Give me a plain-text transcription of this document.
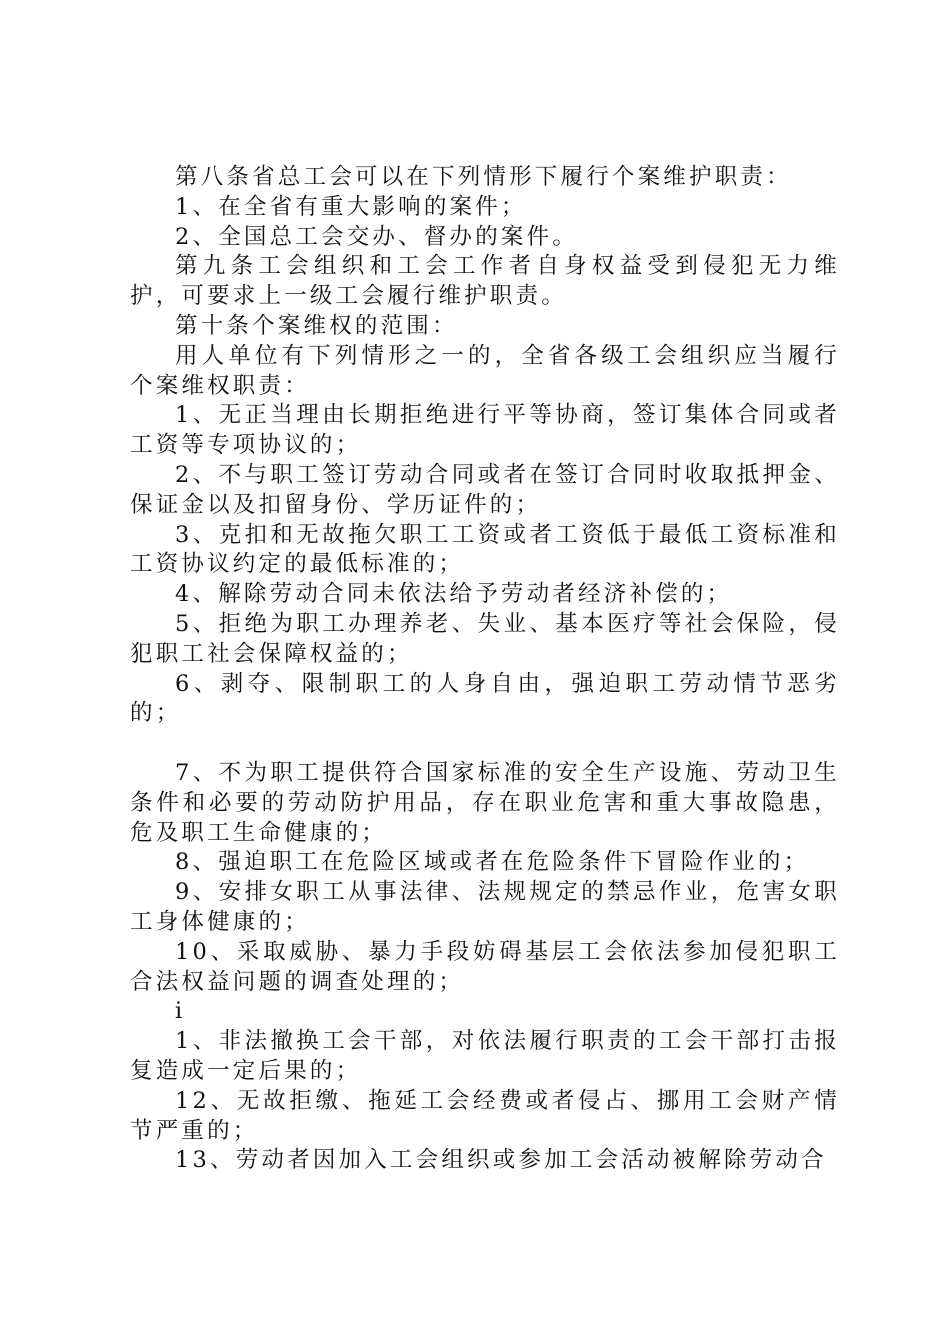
第八条省总工会可以在下列情形下履行个案维护职责：

1、在全省有重大影响的案件；

2、全国总工会交办、督办的案件。

第九条工会组织和工会工作者自身权益受到侵犯无力维护，可要求上一级工会履行维护职责。

第十条个案维权的范围：

用人单位有下列情形之一的，全省各级工会组织应当履行个案维权职责：

1、无正当理由长期拒绝进行平等协商，签订集体合同或者工资等专项协议的；

2、不与职工签订劳动合同或者在签订合同时收取抵押金、保证金以及扣留身份、学历证件的；

3、克扣和无故拖欠职工工资或者工资低于最低工资标准和工资协议约定的最低标准的；

4、解除劳动合同未依法给予劳动者经济补偿的；

5、拒绝为职工办理养老、失业、基本医疗等社会保险，侵犯职工社会保障权益的；

6、剥夺、限制职工的人身自由，强迫职工劳动情节恶劣的；

7、不为职工提供符合国家标准的安全生产设施、劳动卫生条件和必要的劳动防护用品，存在职业危害和重大事故隐患，危及职工生命健康的；

8、强迫职工在危险区域或者在危险条件下冒险作业的；

9、安排女职工从事法律、法规规定的禁忌作业，危害女职工身体健康的；

10、采取威胁、暴力手段妨碍基层工会依法参加侵犯职工合法权益问题的调查处理的；

i

1、非法撤换工会干部，对依法履行职责的工会干部打击报复造成一定后果的；

12、无故拒缴、拖延工会经费或者侵占、挪用工会财产情节严重的；

13、劳动者因加入工会组织或参加工会活动被解除劳动合
